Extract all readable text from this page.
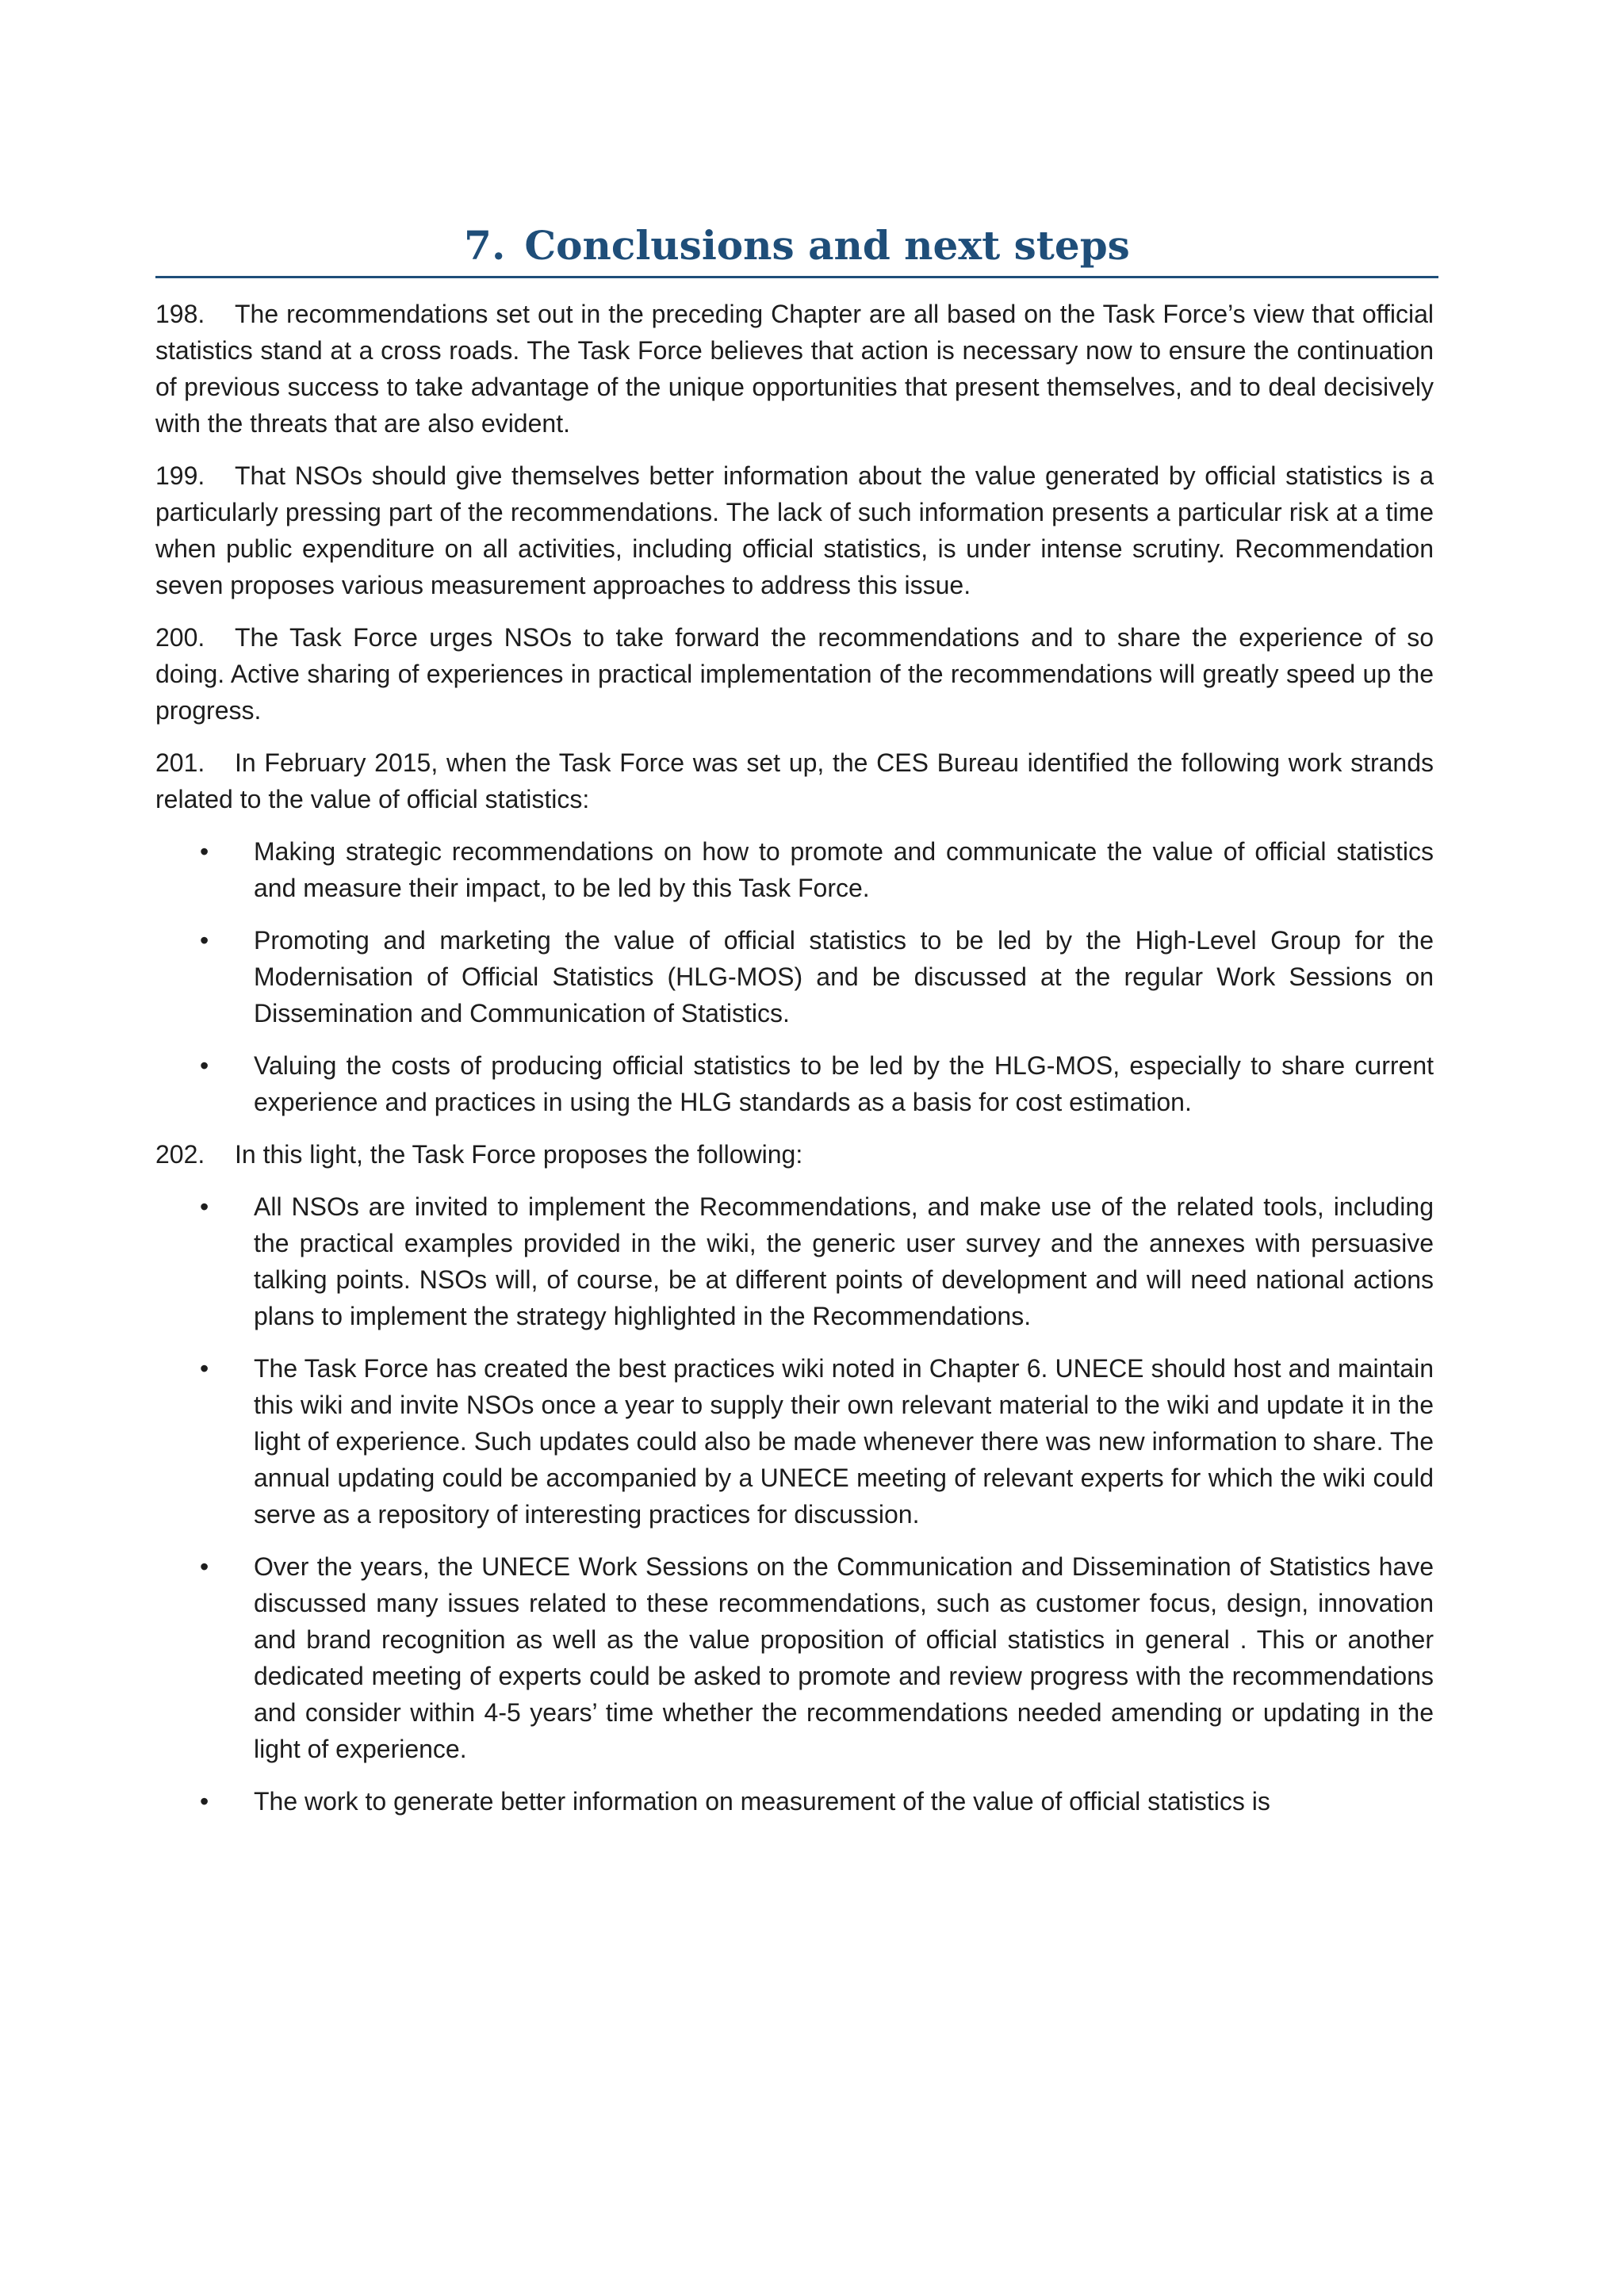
7. Conclusions and next steps

198. The recommendations set out in the preceding Chapter are all based on the Task Force’s view that official statistics stand at a cross roads. The Task Force believes that action is necessary now to ensure the continuation of previous success to take advantage of the unique opportunities that present themselves, and to deal decisively with the threats that are also evident.

199. That NSOs should give themselves better information about the value generated by official statistics is a particularly pressing part of the recommendations. The lack of such information presents a particular risk at a time when public expenditure on all activities, including official statistics, is under intense scrutiny. Recommendation seven proposes various measurement approaches to address this issue.

200. The Task Force urges NSOs to take forward the recommendations and to share the experience of so doing. Active sharing of experiences in practical implementation of the recommendations will greatly speed up the progress.

201. In February 2015, when the Task Force was set up, the CES Bureau identified the following work strands related to the value of official statistics:

• Making strategic recommendations on how to promote and communicate the value of official statistics and measure their impact, to be led by this Task Force.
• Promoting and marketing the value of official statistics to be led by the High-Level Group for the Modernisation of Official Statistics (HLG-MOS) and be discussed at the regular Work Sessions on Dissemination and Communication of Statistics.
• Valuing the costs of producing official statistics to be led by the HLG-MOS, especially to share current experience and practices in using the HLG standards as a basis for cost estimation.

202. In this light, the Task Force proposes the following:

• All NSOs are invited to implement the Recommendations, and make use of the related tools, including the practical examples provided in the wiki, the generic user survey and the annexes with persuasive talking points. NSOs will, of course, be at different points of development and will need national actions plans to implement the strategy highlighted in the Recommendations.
• The Task Force has created the best practices wiki noted in Chapter 6. UNECE should host and maintain this wiki and invite NSOs once a year to supply their own relevant material to the wiki and update it in the light of experience. Such updates could also be made whenever there was new information to share. The annual updating could be accompanied by a UNECE meeting of relevant experts for which the wiki could serve as a repository of interesting practices for discussion.
• Over the years, the UNECE Work Sessions on the Communication and Dissemination of Statistics have discussed many issues related to these recommendations, such as customer focus, design, innovation and brand recognition as well as the value proposition of official statistics in general . This or another dedicated meeting of experts could be asked to promote and review progress with the recommendations and consider within 4-5 years’ time whether the recommendations needed amending or updating in the light of experience.
• The work to generate better information on measurement of the value of official statistics is
